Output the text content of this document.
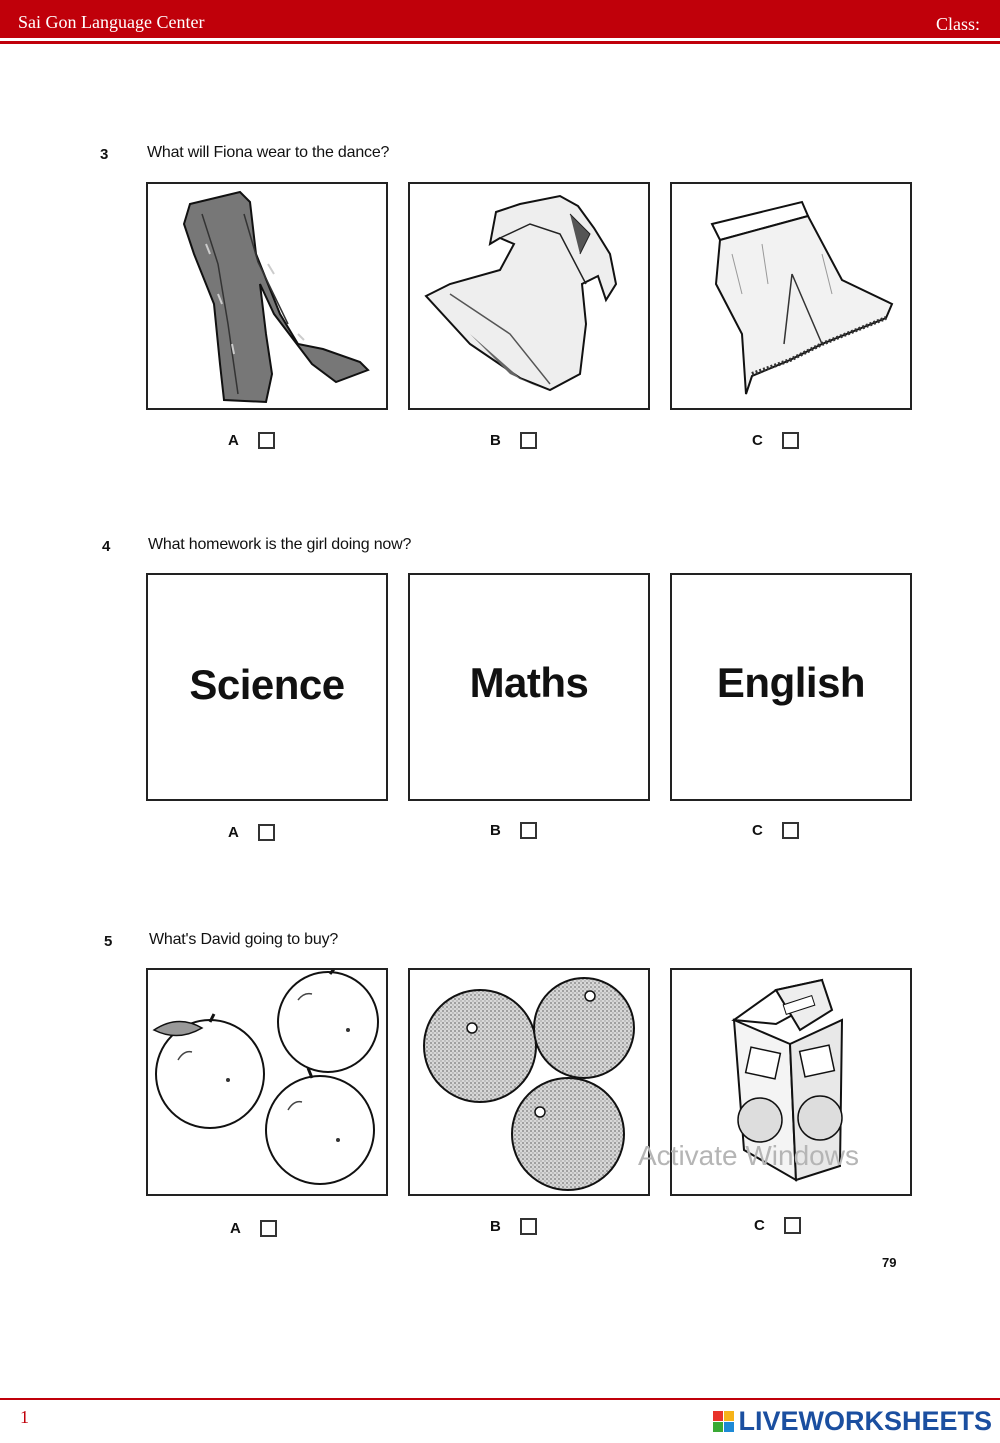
Sai Gon Language Center	Class:
3 What will Fiona wear to the dance?
A	B	C
4 What homework is the girl doing now?
Science	Maths	English
A	B	C
5 What's David going to buy?
Activate Windows
A	B	C
79
1	LIVEWORKSHEETS
